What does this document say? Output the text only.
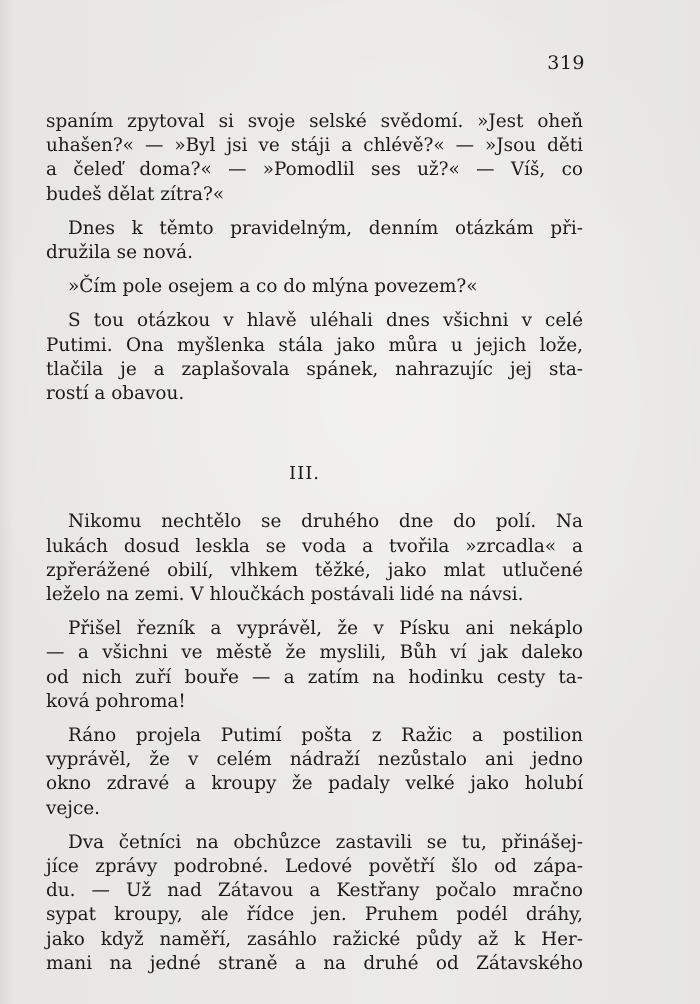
319
spaním zpytoval si svoje selské svědomí. »Jest oheň
uhašen?« — »Byl jsi ve stáji a chlévě?« — »Jsou děti
a čeleď doma?« — »Pomodlil ses už?« — Víš, co
budeš dělat zítra?«
Dnes k těmto pravidelným, denním otázkám při-
družila se nová.
»Čím pole osejem a co do mlýna povezem?«
S tou otázkou v hlavě uléhali dnes všichni v celé
Putimi. Ona myšlenka stála jako můra u jejich lože,
tlačila je a zaplašovala spánek, nahrazujíc jej sta-
rostí a obavou.
III.
Nikomu nechtělo se druhého dne do polí. Na
lukách dosud leskla se voda a tvořila »zrcadla« a
zpřerážené obilí, vlhkem těžké, jako mlat utlučené
leželo na zemi. V hloučkách postávali lidé na návsi.
Přišel řezník a vyprávěl, že v Písku ani nekáplo
— a všichni ve městě že myslili, Bůh ví jak daleko
od nich zuří bouře — a zatím na hodinku cesty ta-
ková pohroma!
Ráno projela Putimí pošta z Ražic a postilion
vyprávěl, že v celém nádraží nezůstalo ani jedno
okno zdravé a kroupy že padaly velké jako holubí
vejce.
Dva četníci na obchůzce zastavili se tu, přinášej-
jíce zprávy podrobné. Ledové povětří šlo od zápa-
du. — Už nad Zátavou a Kestřany počalo mračno
sypat kroupy, ale řídce jen. Pruhem podél dráhy,
jako když naměří, zasáhlo ražické půdy až k Her-
mani na jedné straně a na druhé od Zátavského
